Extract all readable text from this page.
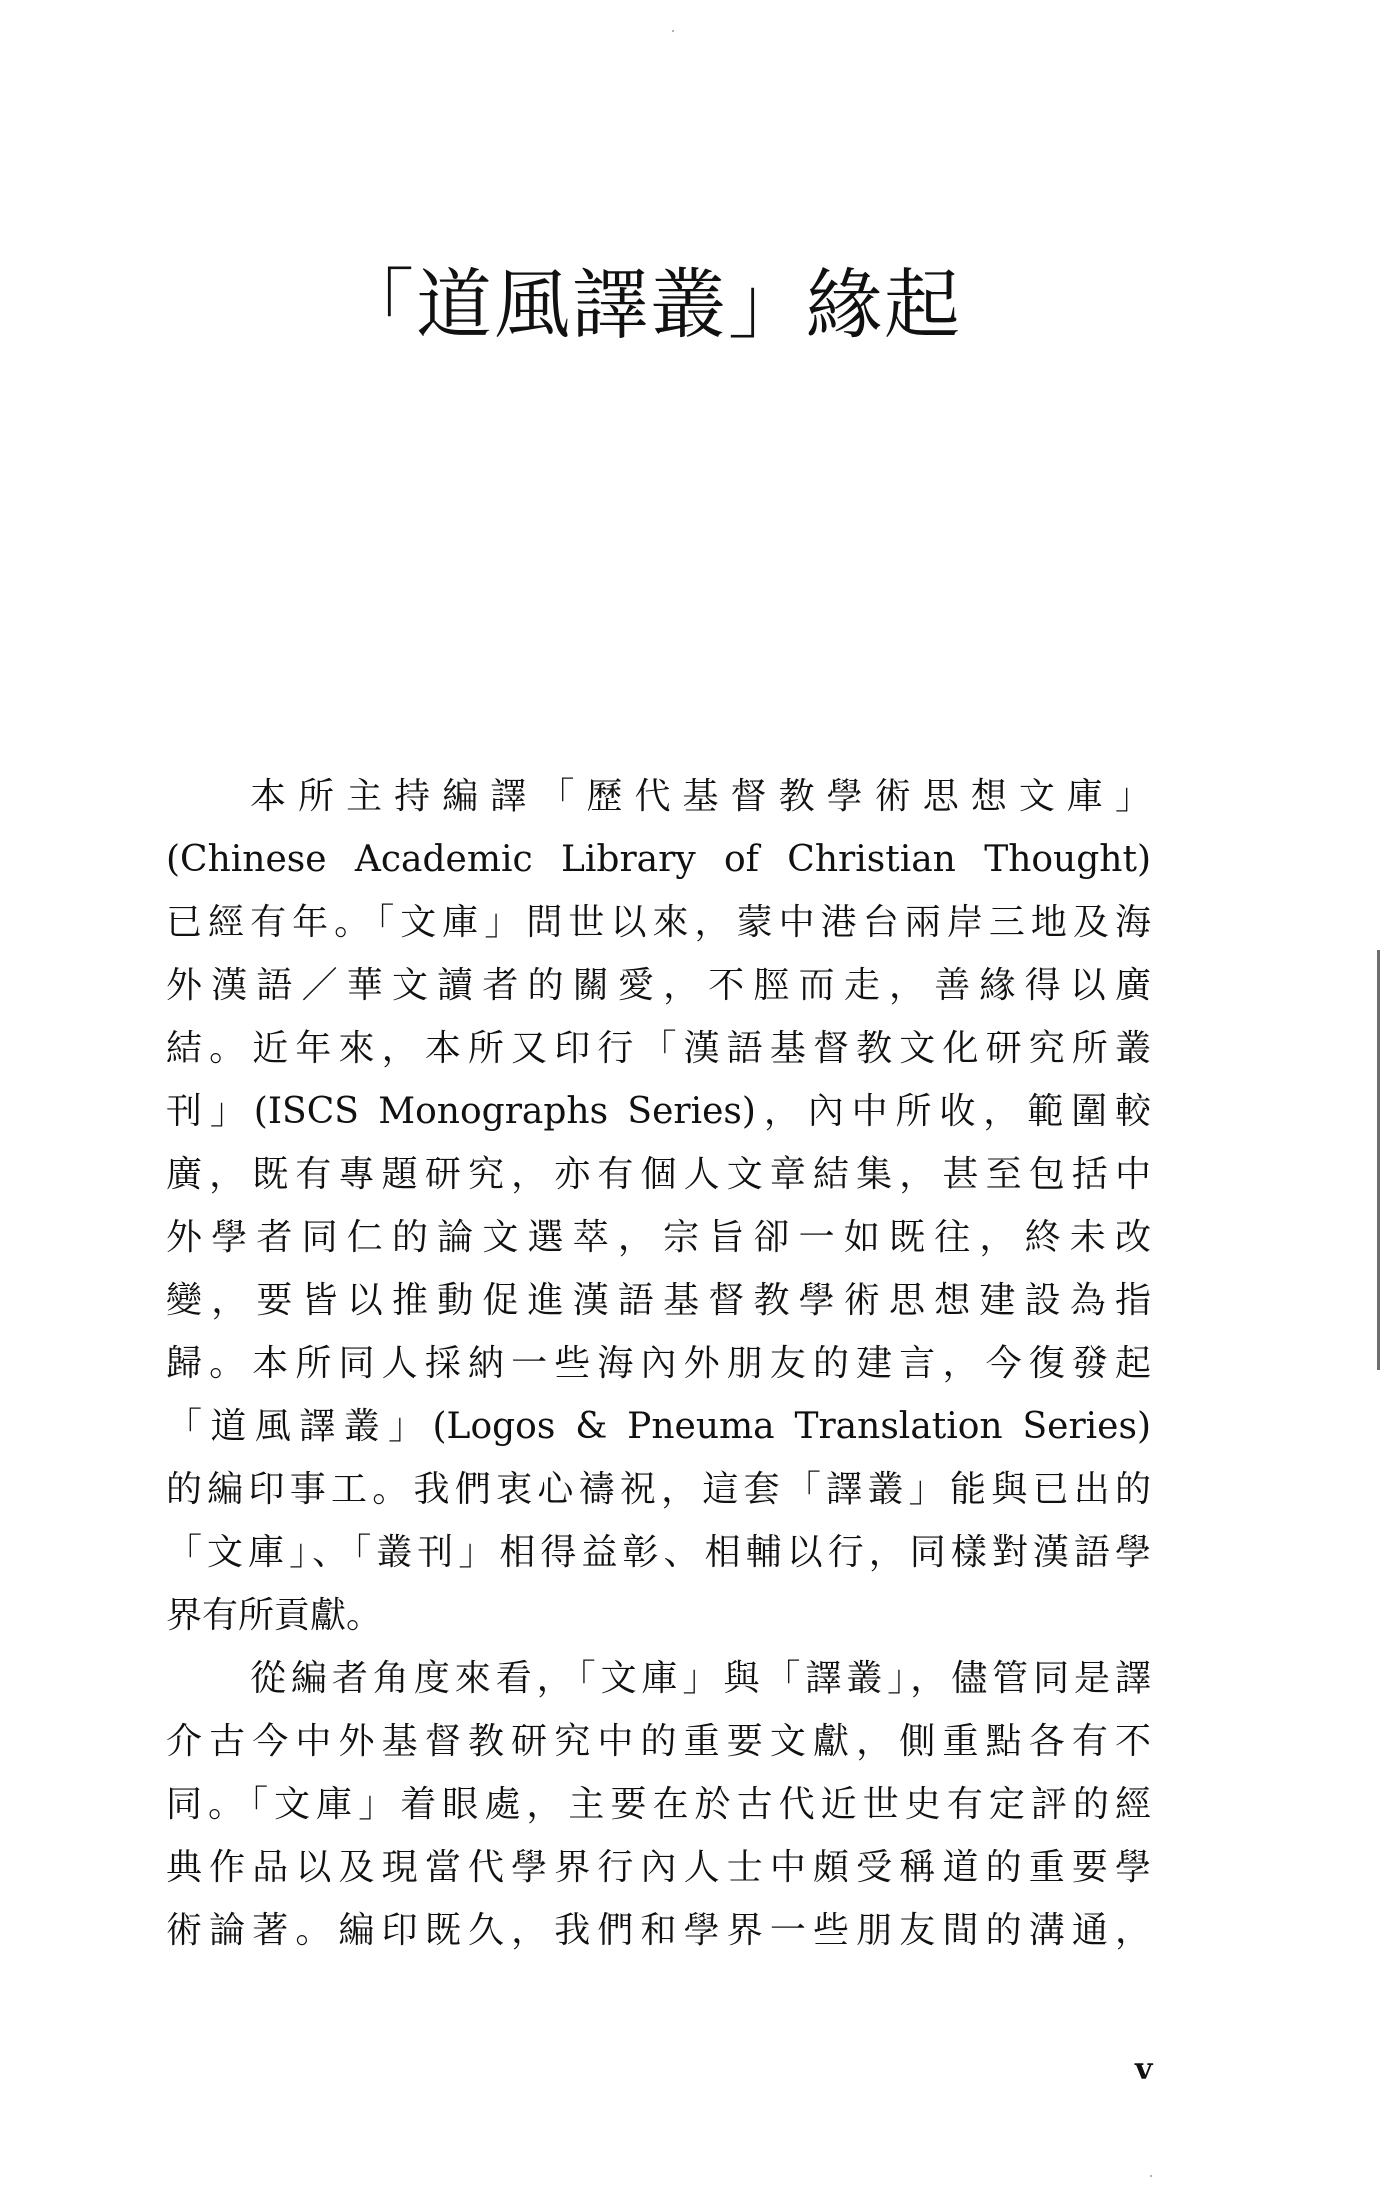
「道風譯叢」緣起
本所主持編譯「歷代基督教學術思想文庫」
(Chinese Academic Library of Christian Thought)
已經有年。「文庫」問世以來，蒙中港台兩岸三地及海
外漢語／華文讀者的關愛，不脛而走，善緣得以廣
結。近年來，本所又印行「漢語基督教文化研究所叢
刊」(ISCS Monographs Series)，內中所收，範圍較
廣，既有專題研究，亦有個人文章結集，甚至包括中
外學者同仁的論文選萃，宗旨卻一如既往，終未改
變，要皆以推動促進漢語基督教學術思想建設為指
歸。本所同人採納一些海內外朋友的建言，今復發起
「道風譯叢」(Logos & Pneuma Translation Series)
的編印事工。我們衷心禱祝，這套「譯叢」能與已出的
「文庫」、「叢刊」相得益彰、相輔以行，同樣對漢語學
界有所貢獻。
從編者角度來看，「文庫」與「譯叢」，儘管同是譯
介古今中外基督教研究中的重要文獻，側重點各有不
同。「文庫」着眼處，主要在於古代近世史有定評的經
典作品以及現當代學界行內人士中頗受稱道的重要學
術論著。編印既久，我們和學界一些朋友間的溝通，
v
